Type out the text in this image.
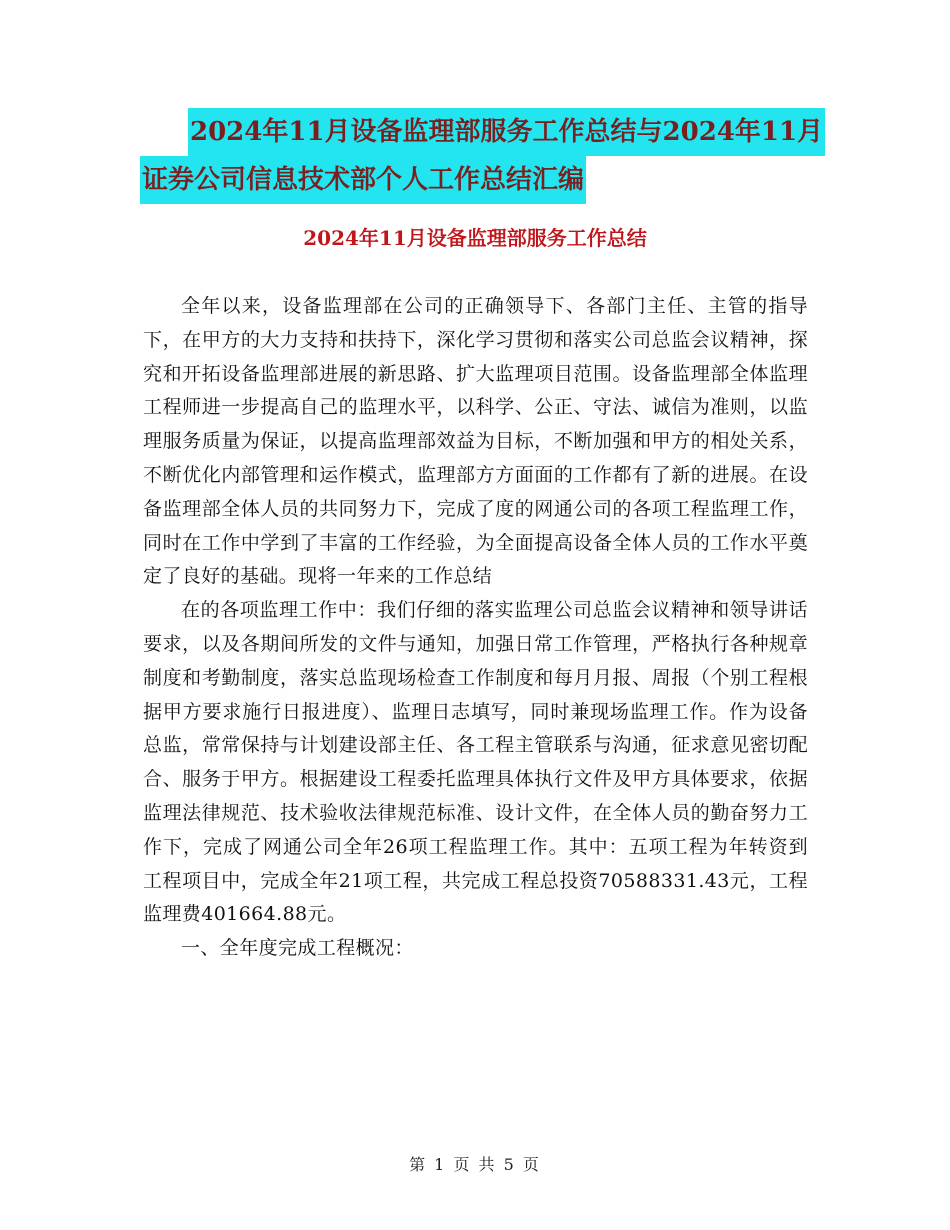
2024年11月设备监理部服务工作总结与2024年11月
证券公司信息技术部个人工作总结汇编
2024年11月设备监理部服务工作总结

全年以来，设备监理部在公司的正确领导下、各部门主任、主管的指导下，在甲方的大力支持和扶持下，深化学习贯彻和落实公司总监会议精神，探究和开拓设备监理部进展的新思路、扩大监理项目范围。设备监理部全体监理工程师进一步提高自己的监理水平，以科学、公正、守法、诚信为准则，以监理服务质量为保证，以提高监理部效益为目标，不断加强和甲方的相处关系，不断优化内部管理和运作模式，监理部方方面面的工作都有了新的进展。在设备监理部全体人员的共同努力下，完成了度的网通公司的各项工程监理工作，同时在工作中学到了丰富的工作经验，为全面提高设备全体人员的工作水平奠定了良好的基础。现将一年来的工作总结

在的各项监理工作中：我们仔细的落实监理公司总监会议精神和领导讲话要求，以及各期间所发的文件与通知，加强日常工作管理，严格执行各种规章制度和考勤制度，落实总监现场检查工作制度和每月月报、周报（个别工程根据甲方要求施行日报进度）、监理日志填写，同时兼现场监理工作。作为设备总监，常常保持与计划建设部主任、各工程主管联系与沟通，征求意见密切配合、服务于甲方。根据建设工程委托监理具体执行文件及甲方具体要求，依据监理法律规范、技术验收法律规范标准、设计文件，在全体人员的勤奋努力工作下，完成了网通公司全年26项工程监理工作。其中：五项工程为年转资到工程项目中，完成全年21项工程，共完成工程总投资70588331.43元，工程监理费401664.88元。

一、全年度完成工程概况：

第 1 页 共 5 页
